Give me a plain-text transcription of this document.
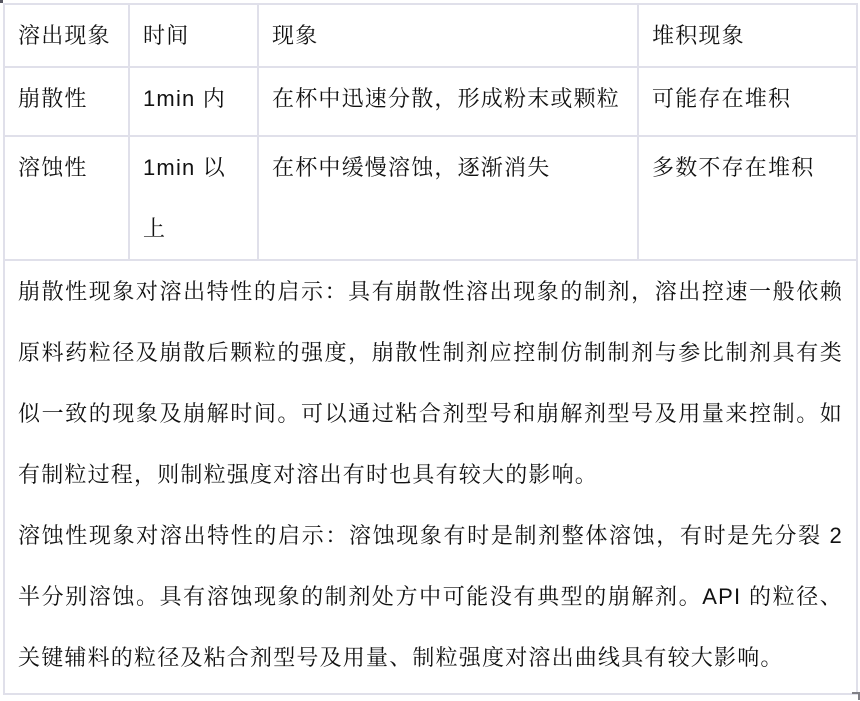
溶出现象	时间	现象	堆积现象
崩散性	1min 内	在杯中迅速分散，形成粉末或颗粒	可能存在堆积
溶蚀性	1min 以上	在杯中缓慢溶蚀，逐渐消失	多数不存在堆积

崩散性现象对溶出特性的启示：具有崩散性溶出现象的制剂，溶出控速一般依赖原料药粒径及崩散后颗粒的强度，崩散性制剂应控制仿制制剂与参比制剂具有类似一致的现象及崩解时间。可以通过粘合剂型号和崩解剂型号及用量来控制。如有制粒过程，则制粒强度对溶出有时也具有较大的影响。
溶蚀性现象对溶出特性的启示：溶蚀现象有时是制剂整体溶蚀，有时是先分裂 2 半分别溶蚀。具有溶蚀现象的制剂处方中可能没有典型的崩解剂。API 的粒径、关键辅料的粒径及粘合剂型号及用量、制粒强度对溶出曲线具有较大影响。			
